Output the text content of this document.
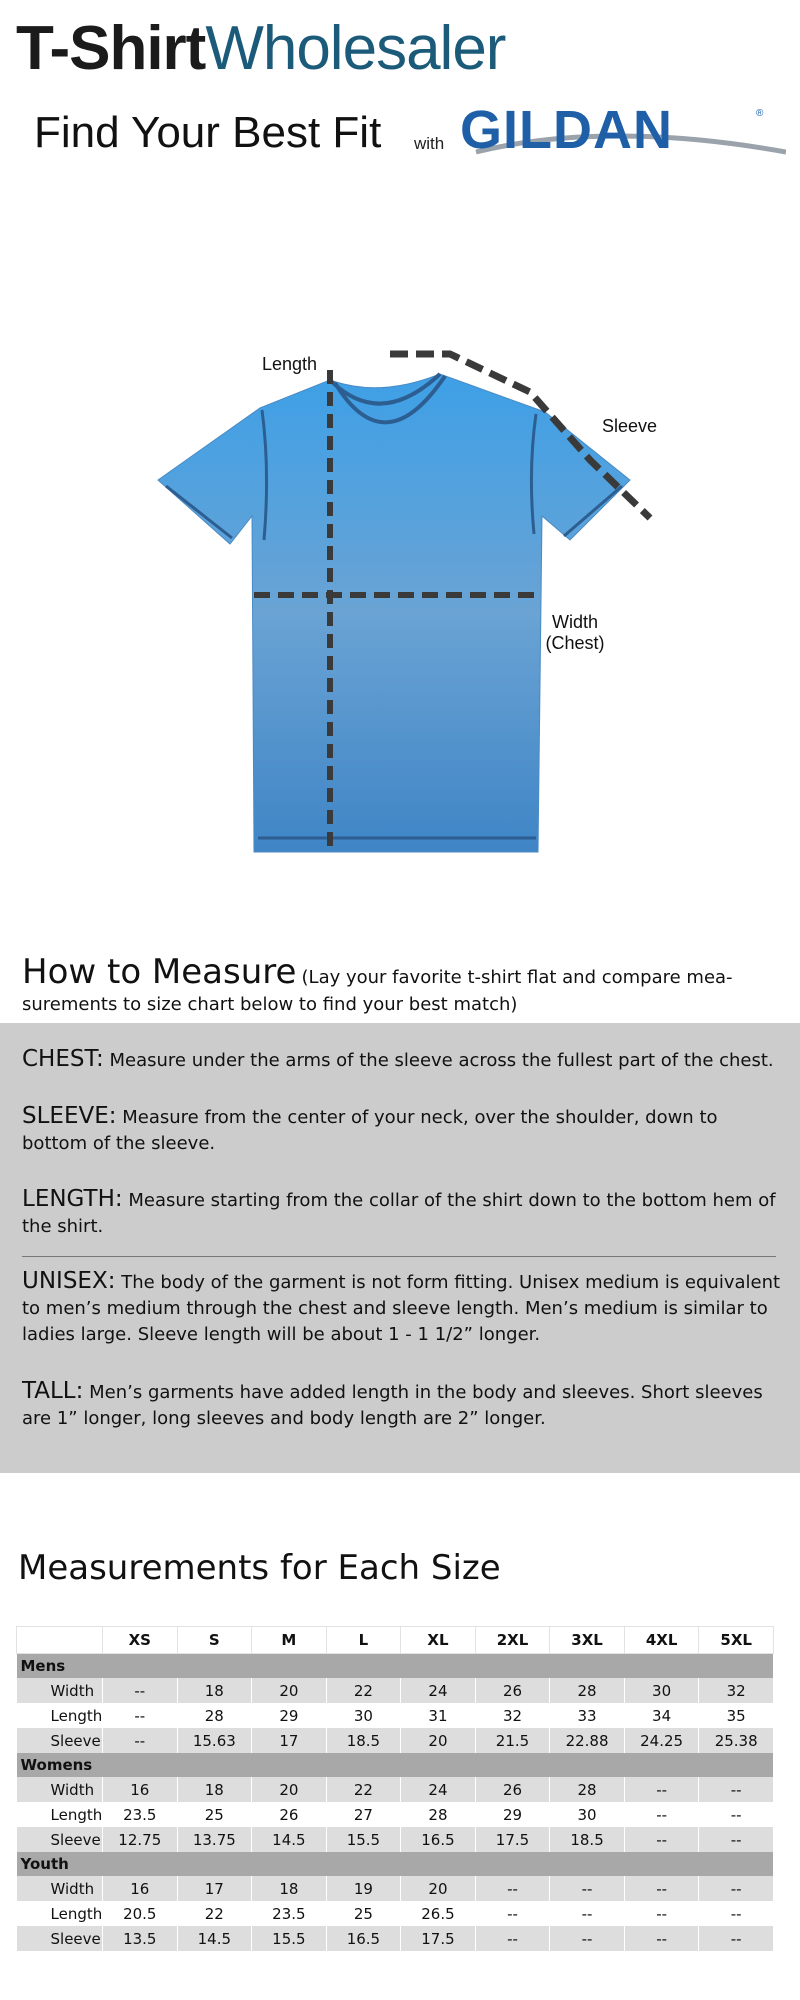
T-ShirtWholesaler
Find Your Best Fit with GILDAN	®
Length
Sleeve
Width
(Chest)
How to Measure (Lay your favorite t-shirt flat and compare mea-surements to size chart below to find your best match)
CHEST: Measure under the arms of the sleeve across the fullest part of the chest.
SLEEVE: Measure from the center of your neck, over the shoulder, down to bottom of the sleeve.
LENGTH: Measure starting from the collar of the shirt down to the bottom hem of the shirt.
UNISEX: The body of the garment is not form fitting. Unisex medium is equivalent to men’s medium through the chest and sleeve length. Men’s medium is similar to ladies large. Sleeve length will be about 1 - 1 1/2” longer.
TALL: Men’s garments have added length in the body and sleeves. Short sleeves are 1” longer, long sleeves and body length are 2” longer.
Measurements for Each Size
	XS	S	M	L	XL	2XL	3XL	4XL	5XL
Mens									
Width	--	18	20	22	24	26	28	30	32
Length	--	28	29	30	31	32	33	34	35
Sleeve	--	15.63	17	18.5	20	21.5	22.88	24.25	25.38
Womens									
Width	16	18	20	22	24	26	28	--	--
Length	23.5	25	26	27	28	29	30	--	--
Sleeve	12.75	13.75	14.5	15.5	16.5	17.5	18.5	--	--
Youth									
Width	16	17	18	19	20	--	--	--	--
Length	20.5	22	23.5	25	26.5	--	--	--	--
Sleeve	13.5	14.5	15.5	16.5	17.5	--	--	--	--
